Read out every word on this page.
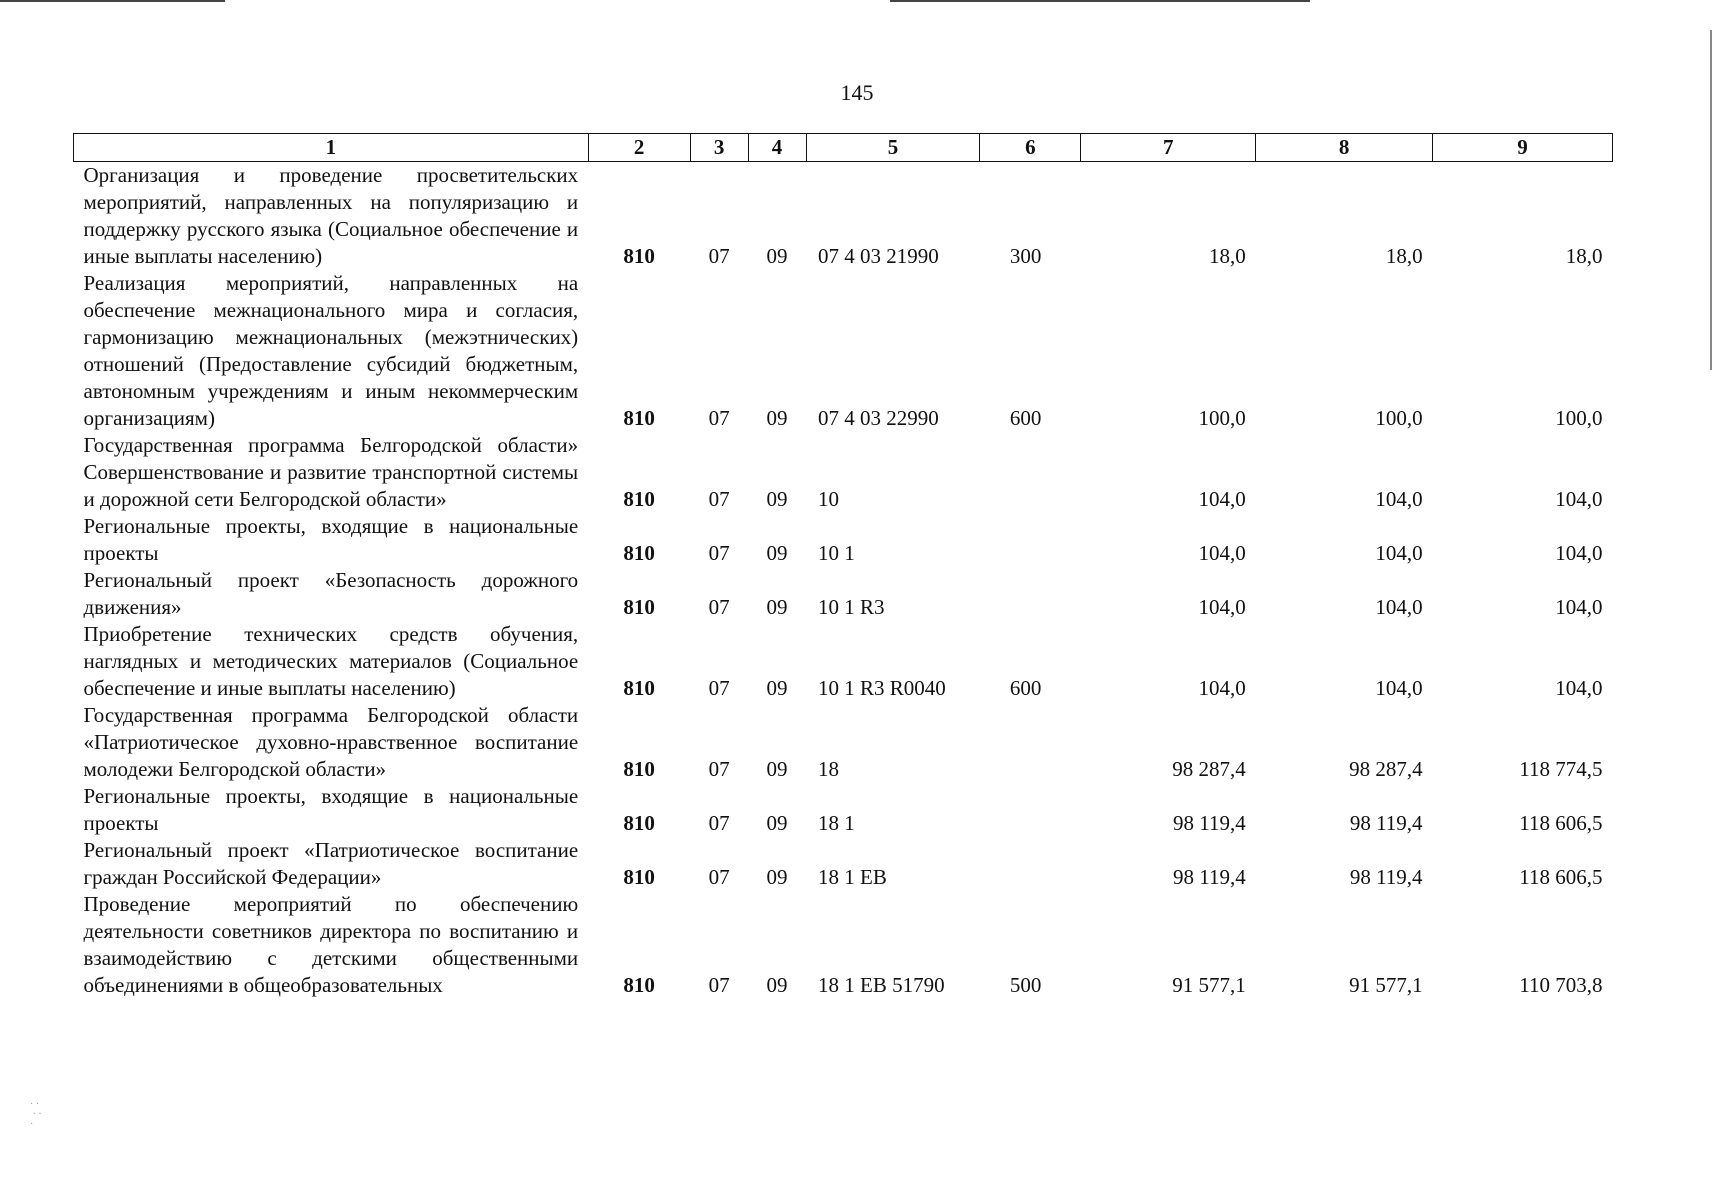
145
1	2	3	4	5	6	7	8	9
Организация и проведение просветительских мероприятий, направленных на популяризацию и поддержку русского языка (Социальное обеспечение и иные выплаты населению)	810	07	09	07 4 03 21990	300	18,0	18,0	18,0
Реализация мероприятий, направленных на обеспечение межнационального мира и согласия, гармонизацию межнациональных (межэтнических) отношений (Предоставление субсидий бюджетным, автономным учреждениям и иным некоммерческим организациям)	810	07	09	07 4 03 22990	600	100,0	100,0	100,0
Государственная программа Белгородской области» Совершенствование и развитие транспортной системы и дорожной сети Белгородской области»	810	07	09	10		104,0	104,0	104,0
Региональные проекты, входящие в национальные проекты	810	07	09	10 1		104,0	104,0	104,0
Региональный проект «Безопасность дорожного движения»	810	07	09	10 1 R3		104,0	104,0	104,0
Приобретение технических средств обучения, наглядных и методических материалов (Социальное обеспечение и иные выплаты населению)	810	07	09	10 1 R3 R0040	600	104,0	104,0	104,0
Государственная программа Белгородской области «Патриотическое духовно-нравственное воспитание молодежи Белгородской области»	810	07	09	18		98 287,4	98 287,4	118 774,5
Региональные проекты, входящие в национальные проекты	810	07	09	18 1		98 119,4	98 119,4	118 606,5
Региональный проект «Патриотическое воспитание граждан Российской Федерации»	810	07	09	18 1 EB		98 119,4	98 119,4	118 606,5
Проведение мероприятий по обеспечению деятельности советников директора по воспитанию и взаимодействию с детскими общественными объединениями в общеобразовательных	810	07	09	18 1 EB 51790	500	91 577,1	91 577,1	110 703,8
· ·
· ·
·
